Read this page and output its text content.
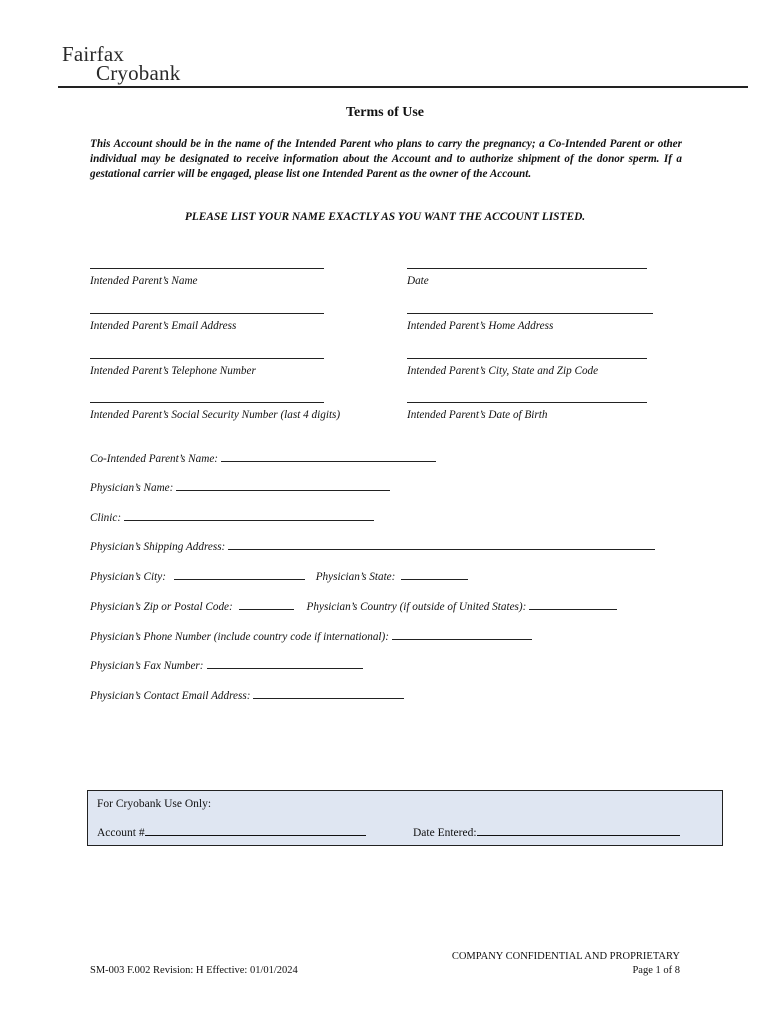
Fairfax
Cryobank
Terms of Use
This Account should be in the name of the Intended Parent who plans to carry the pregnancy; a Co-Intended Parent or other individual may be designated to receive information about the Account and to authorize shipment of the donor sperm. If a gestational carrier will be engaged, please list one Intended Parent as the owner of the Account.
PLEASE LIST YOUR NAME EXACTLY AS YOU WANT THE ACCOUNT LISTED.
Intended Parent’s Name	Date
Intended Parent’s Email Address	Intended Parent’s Home Address
Intended Parent’s Telephone Number	Intended Parent’s City, State and Zip Code
Intended Parent’s Social Security Number (last 4 digits)	Intended Parent’s Date of Birth
Co-Intended Parent’s Name:
Physician’s Name:
Clinic:
Physician’s Shipping Address:
Physician’s City:	Physician’s State:
Physician’s Zip or Postal Code:	Physician’s Country (if outside of United States):
Physician’s Phone Number (include country code if international):
Physician’s Fax Number:
Physician’s Contact Email Address:
For Cryobank Use Only:
Account #	Date Entered:
COMPANY CONFIDENTIAL AND PROPRIETARY
Page 1 of 8
SM-003 F.002 Revision: H Effective: 01/01/2024
